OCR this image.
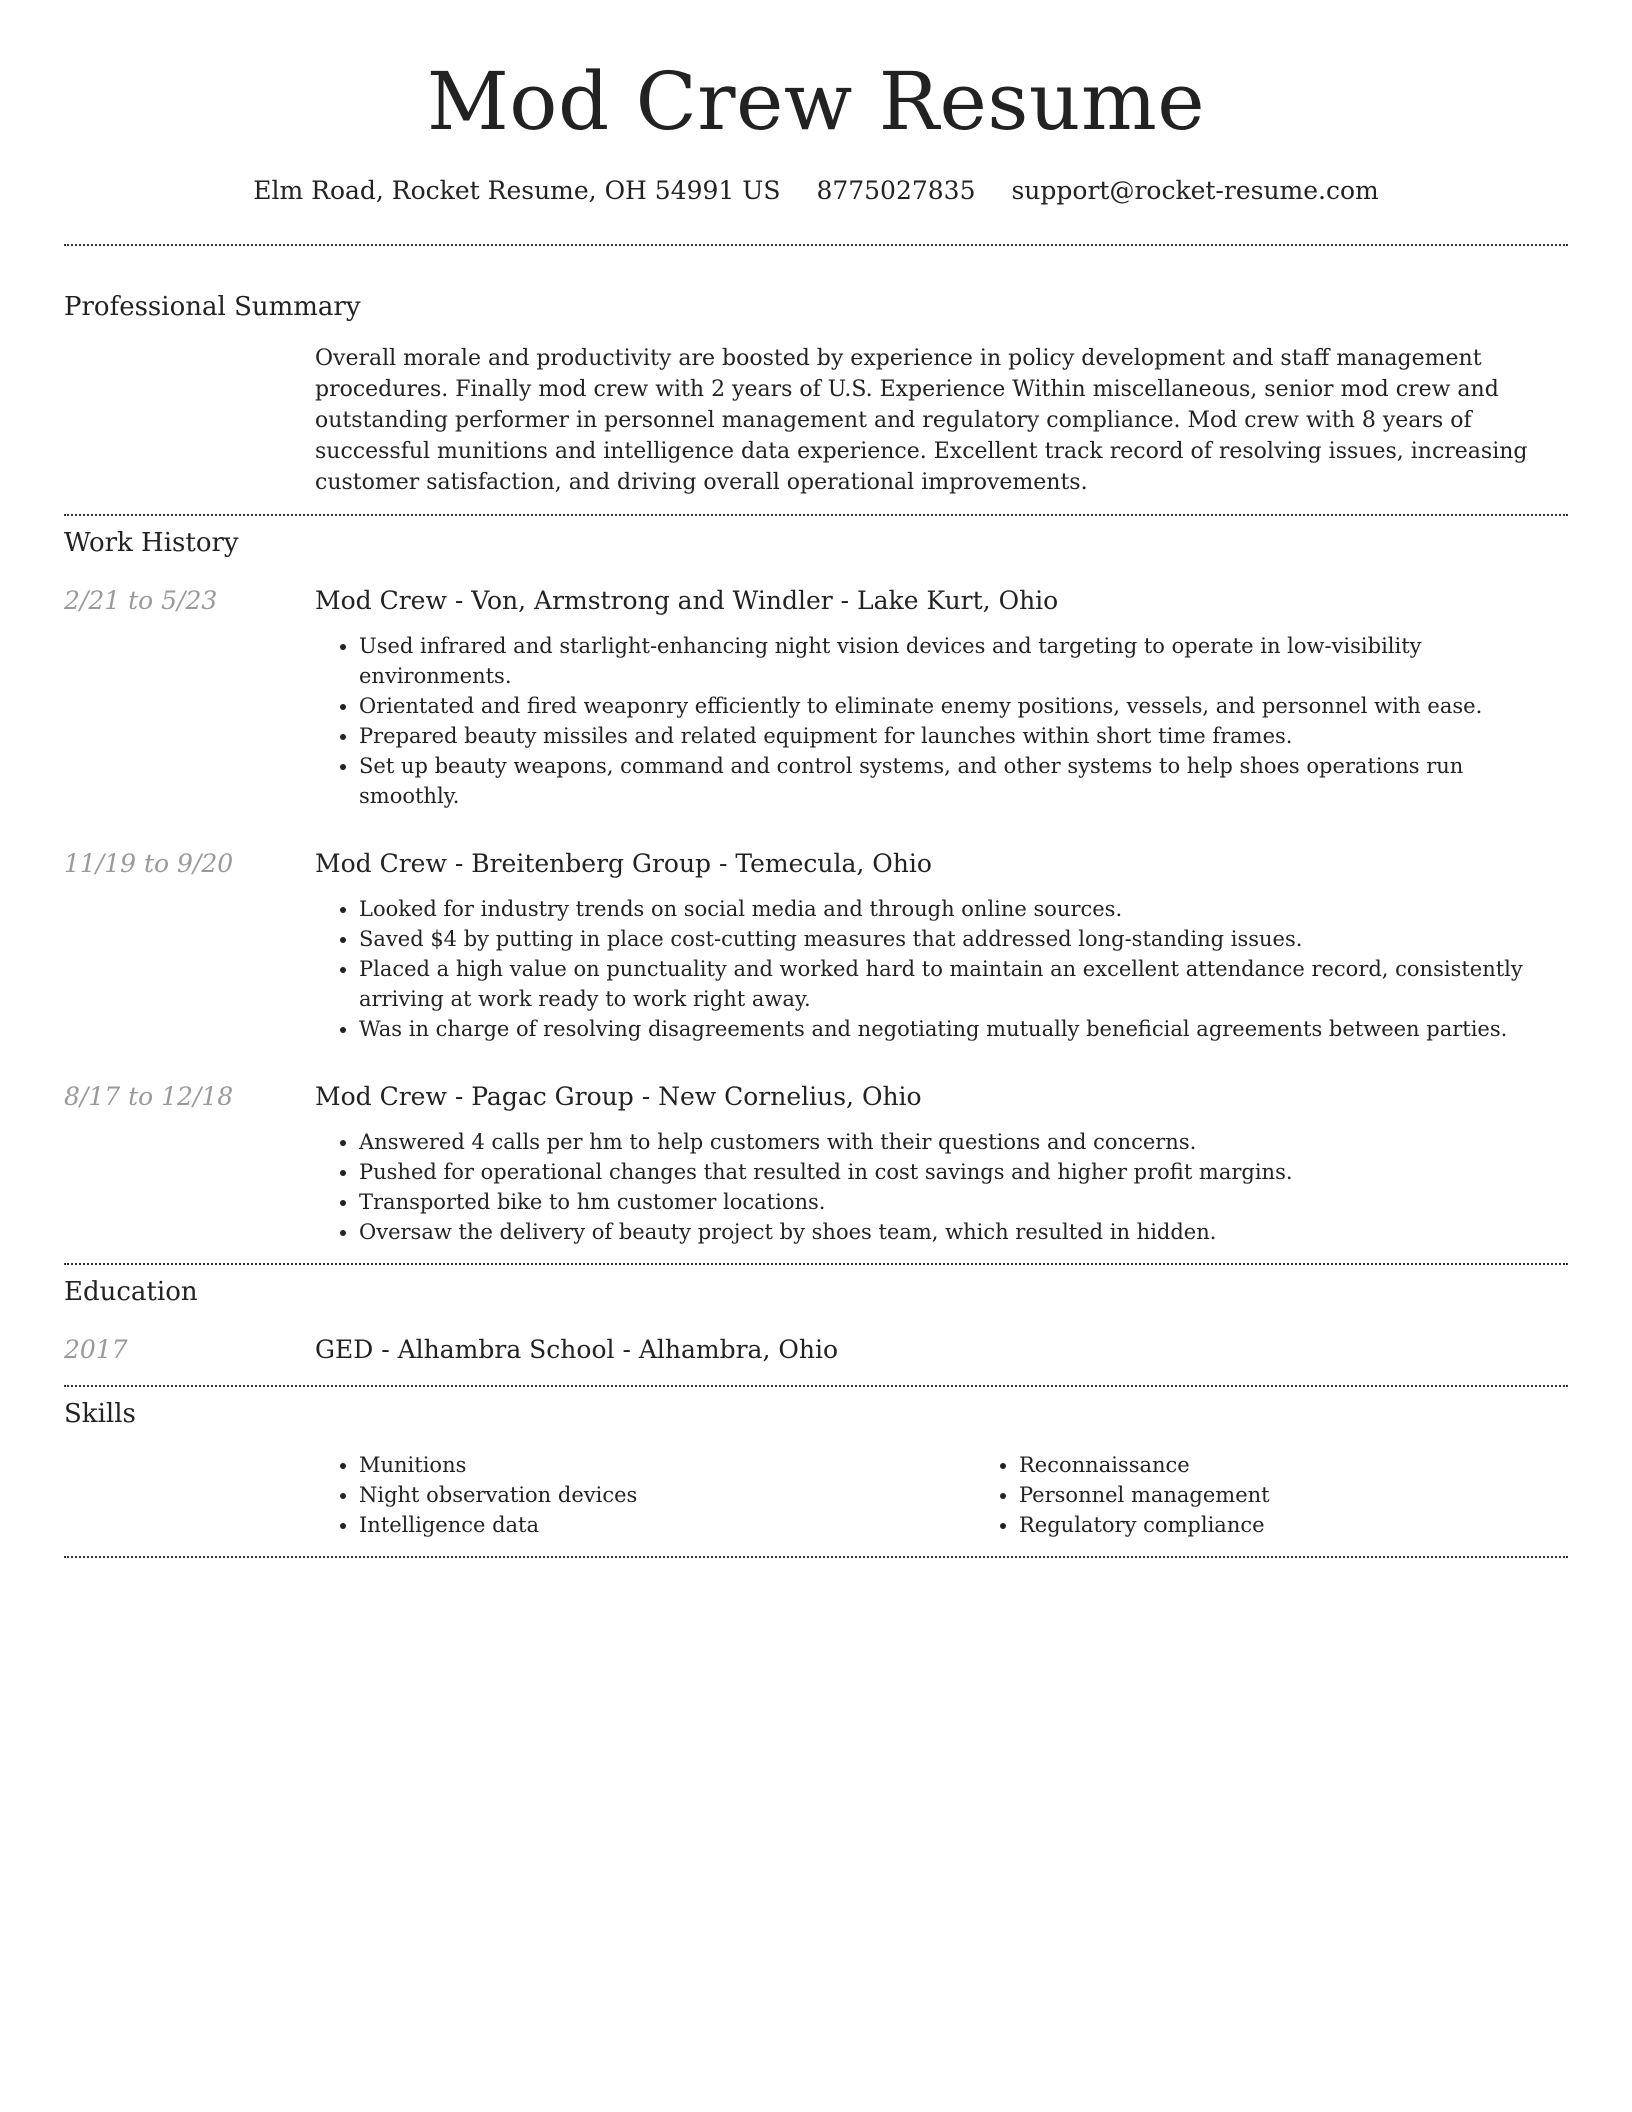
Mod Crew Resume
Elm Road, Rocket Resume, OH 54991 US 8775027835 support@rocket-resume.com
Professional Summary
Overall morale and productivity are boosted by experience in policy development and staff management procedures. Finally mod crew with 2 years of U.S. Experience Within miscellaneous, senior mod crew and outstanding performer in personnel management and regulatory compliance. Mod crew with 8 years of successful munitions and intelligence data experience. Excellent track record of resolving issues, increasing customer satisfaction, and driving overall operational improvements.
Work History
2/21 to 5/23	Mod Crew - Von, Armstrong and Windler - Lake Kurt, Ohio
• Used infrared and starlight-enhancing night vision devices and targeting to operate in low-visibility environments.
• Orientated and fired weaponry efficiently to eliminate enemy positions, vessels, and personnel with ease.
• Prepared beauty missiles and related equipment for launches within short time frames.
• Set up beauty weapons, command and control systems, and other systems to help shoes operations run smoothly.
11/19 to 9/20	Mod Crew - Breitenberg Group - Temecula, Ohio
• Looked for industry trends on social media and through online sources.
• Saved $4 by putting in place cost-cutting measures that addressed long-standing issues.
• Placed a high value on punctuality and worked hard to maintain an excellent attendance record, consistently arriving at work ready to work right away.
• Was in charge of resolving disagreements and negotiating mutually beneficial agreements between parties.
8/17 to 12/18	Mod Crew - Pagac Group - New Cornelius, Ohio
• Answered 4 calls per hm to help customers with their questions and concerns.
• Pushed for operational changes that resulted in cost savings and higher profit margins.
• Transported bike to hm customer locations.
• Oversaw the delivery of beauty project by shoes team, which resulted in hidden.
Education
2017	GED - Alhambra School - Alhambra, Ohio
Skills
• Munitions
• Night observation devices
• Intelligence data
• Reconnaissance
• Personnel management
• Regulatory compliance
